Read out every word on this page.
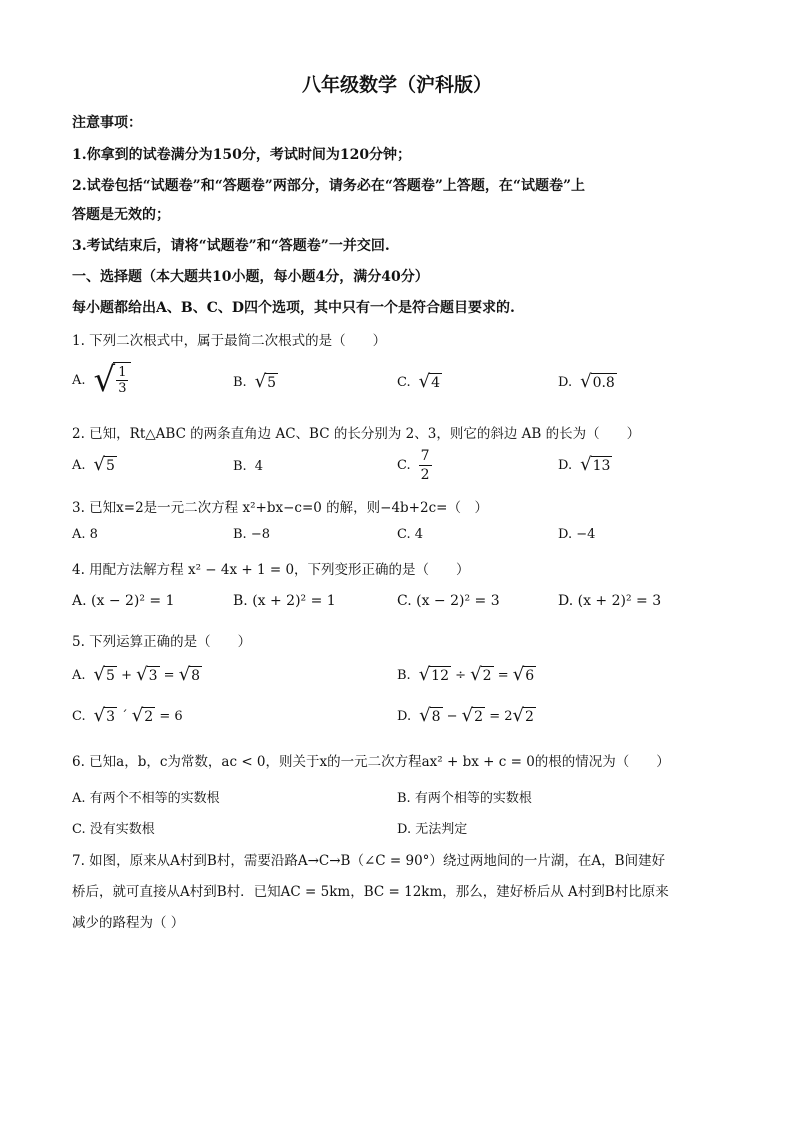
八年级数学（沪科版）
注意事项：
1.你拿到的试卷满分为150分，考试时间为120分钟；
2.试卷包括“试题卷”和“答题卷”两部分，请务必在“答题卷”上答题，在“试题卷”上
答题是无效的；
3.考试结束后，请将“试题卷”和“答题卷”一并交回.
一、选择题（本大题共10小题，每小题4分，满分40分）
每小题都给出A、B、C、D四个选项，其中只有一个是符合题目要求的.
1. 下列二次根式中，属于最简二次根式的是（　　）
A. √ $\frac{1}{3}$	B. √ 5	C. √ 4	D. √ 0.8
2. 已知，Rt△ABC 的两条直角边 AC、BC 的长分别为 2、3，则它的斜边 AB 的长为（　　）
A. √ 5	B. 4	C. $\frac{7}{2}$	D. √ 13
3. 已知x=2是一元二次方程 x²+bx−c=0 的解，则−4b+2c=（　）
A. 8	B. −8	C. 4	D. −4
4. 用配方法解方程 x² − 4x + 1 = 0，下列变形正确的是（　　）
A. (x − 2)² = 1	B. (x + 2)² = 1	C. (x − 2)² = 3	D. (x + 2)² = 3
5. 下列运算正确的是（　　）
A. √ 5 + √ 3 = √ 8	B. √ 12 ÷ √ 2 = √ 6
C. √ 3 ´ √ 2 = 6	D. √ 8 − √ 2 = 2 √ 2
6. 已知a，b，c为常数，ac < 0，则关于x的一元二次方程ax² + bx + c = 0的根的情况为（　　）
A. 有两个不相等的实数根	B. 有两个相等的实数根
C. 没有实数根	D. 无法判定
7. 如图，原来从A村到B村，需要沿路A→C→B（∠C = 90°）绕过两地间的一片湖，在A，B间建好
桥后，就可直接从A村到B村．已知AC = 5km，BC = 12km，那么，建好桥后从 A村到B村比原来
减少的路程为（ ）
